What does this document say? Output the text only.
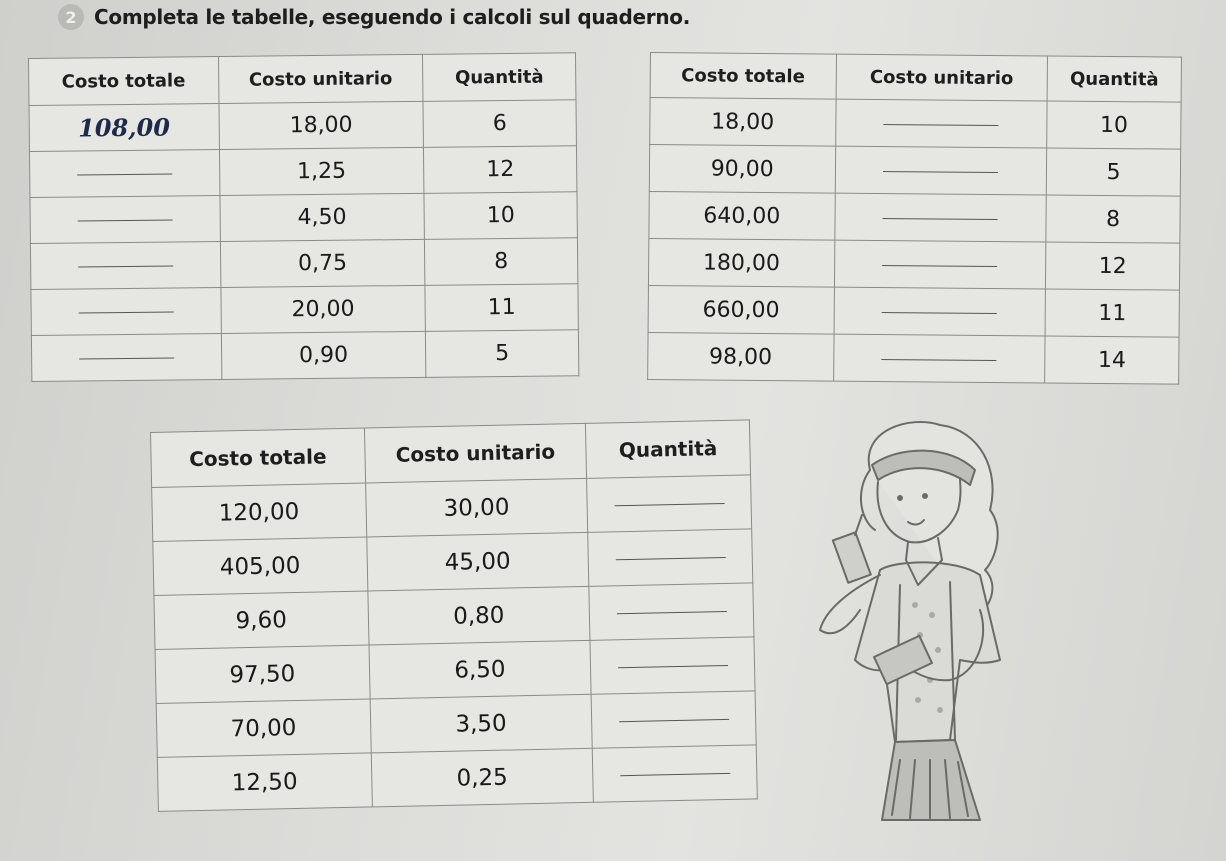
2 Completa le tabelle, eseguendo i calcoli sul quaderno.
Costo totale	Costo unitario	Quantità
108,00	18,00	6
	1,25	12
	4,50	10
	0,75	8
	20,00	11
	0,90	5
Costo totale	Costo unitario	Quantità
18,00		10
90,00		5
640,00		8
180,00		12
660,00		11
98,00		14
Costo totale	Costo unitario	Quantità
120,00	30,00	
405,00	45,00	
9,60	0,80	
97,50	6,50	
70,00	3,50	
12,50	0,25	
